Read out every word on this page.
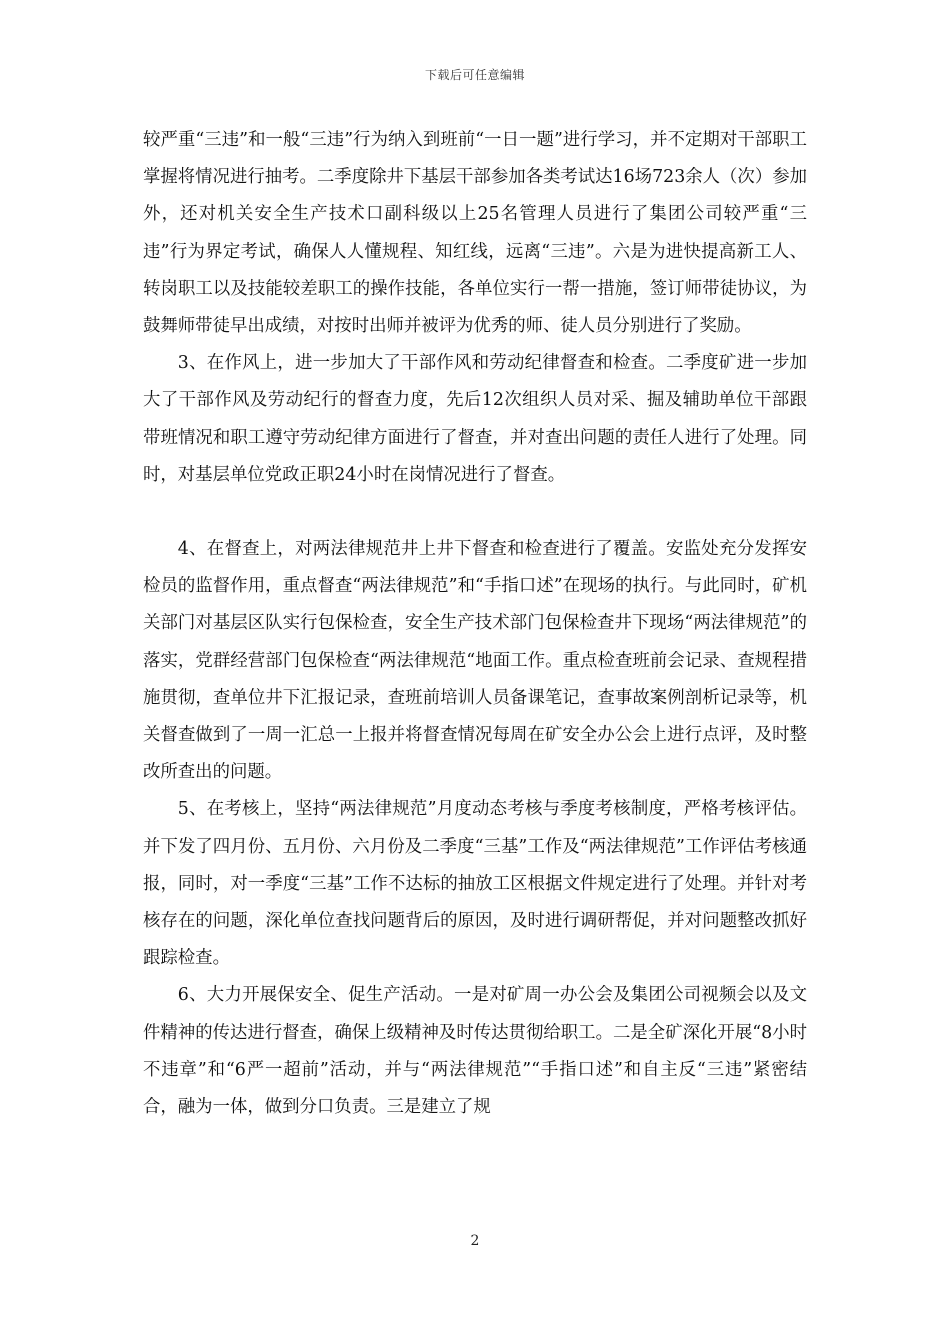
下载后可任意编辑

较严重“三违”和一般“三违”行为纳入到班前“一日一题”进行学习，并不定期对干部职工掌握将情况进行抽考。二季度除井下基层干部参加各类考试达16场723余人（次）参加外，还对机关安全生产技术口副科级以上25名管理人员进行了集团公司较严重“三违”行为界定考试，确保人人懂规程、知红线，远离“三违”。六是为进快提高新工人、转岗职工以及技能较差职工的操作技能，各单位实行一帮一措施，签订师带徒协议，为鼓舞师带徒早出成绩，对按时出师并被评为优秀的师、徒人员分别进行了奖励。

3、在作风上，进一步加大了干部作风和劳动纪律督查和检查。二季度矿进一步加大了干部作风及劳动纪行的督查力度，先后12次组织人员对采、掘及辅助单位干部跟带班情况和职工遵守劳动纪律方面进行了督查，并对查出问题的责任人进行了处理。同时，对基层单位党政正职24小时在岗情况进行了督查。

4、在督查上，对两法律规范井上井下督查和检查进行了覆盖。安监处充分发挥安检员的监督作用，重点督查“两法律规范”和“手指口述”在现场的执行。与此同时，矿机关部门对基层区队实行包保检查，安全生产技术部门包保检查井下现场“两法律规范”的落实，党群经营部门包保检查“两法律规范“地面工作。重点检查班前会记录、查规程措施贯彻，查单位井下汇报记录，查班前培训人员备课笔记，查事故案例剖析记录等，机关督查做到了一周一汇总一上报并将督查情况每周在矿安全办公会上进行点评，及时整改所查出的问题。

5、在考核上，坚持“两法律规范”月度动态考核与季度考核制度，严格考核评估。并下发了四月份、五月份、六月份及二季度“三基”工作及“两法律规范”工作评估考核通报，同时，对一季度“三基”工作不达标的抽放工区根据文件规定进行了处理。并针对考核存在的问题，深化单位查找问题背后的原因，及时进行调研帮促，并对问题整改抓好跟踪检查。

6、大力开展保安全、促生产活动。一是对矿周一办公会及集团公司视频会以及文件精神的传达进行督查，确保上级精神及时传达贯彻给职工。二是全矿深化开展“8小时不违章”和“6严一超前”活动，并与“两法律规范”“手指口述”和自主反“三违”紧密结合，融为一体，做到分口负责。三是建立了规

2
